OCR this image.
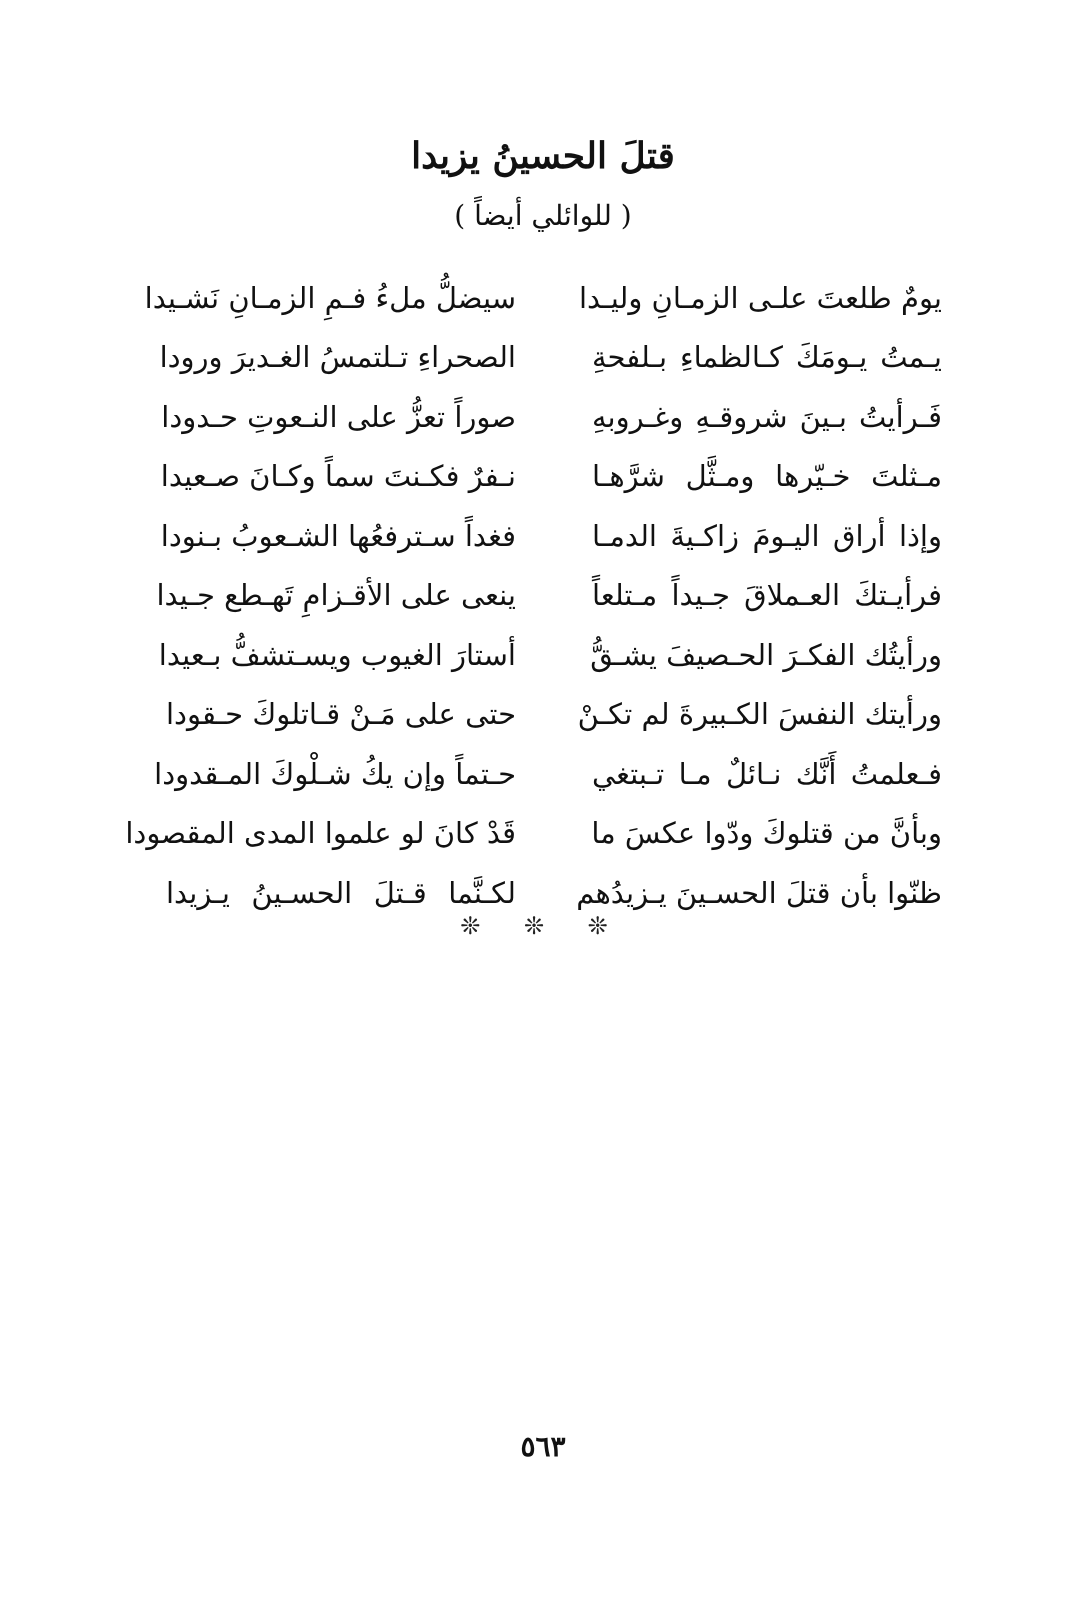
قتلَ الحسينُ يزيدا
( للوائلي أيضاً )
يومٌ طلعتَ علـى الزمـانِ وليـدا
سيضلُّ ملءُ فـمِ الزمـانِ نَشـيدا
يـمتُ يـومَكَ كـالظماءِ بـلفحةِ
الصحراءِ تـلتمسُ الغـديرَ ورودا
فَـرأيتُ بـينَ شروقـهِ وغـروبهِ
صوراً تعزُّ على النـعوتِ حـدودا
مـثلتَ خـيّرها ومـثَّل شرَّهـا
نـفرٌ فكـنتَ سماً وكـانَ صـعيدا
وإذا أراق اليـومَ زاكـيةَ الدمـا
فغداً سـترفعُها الشـعوبُ بـنودا
فرأيـتكَ العـملاقَ جـيداً مـتلعاً
ينعى على الأقـزامِ تَهـطع جـيدا
ورأيتُك الفكـرَ الحـصيفَ يشـقُّ
أستارَ الغيوب ويسـتشفُّ بـعيدا
ورأيتك النفسَ الكـبيرةَ لم تكـنْ
حتى على مَـنْ قـاتلوكَ حـقودا
فـعلمتُ أَنَّك نـائلٌ مـا تـبتغي
حـتماً وإن يكُ شـلْوكَ المـقدودا
وبأنَّ من قتلوكَ ودّوا عكسَ ما
قَدْ كانَ لو علموا المدى المقصودا
ظنّوا بأن قتلَ الحسـينَ يـزيدُهم
لكـنَّما قـتلَ الحسـينُ يـزيدا
❊ ❊ ❊
٥٦٣
